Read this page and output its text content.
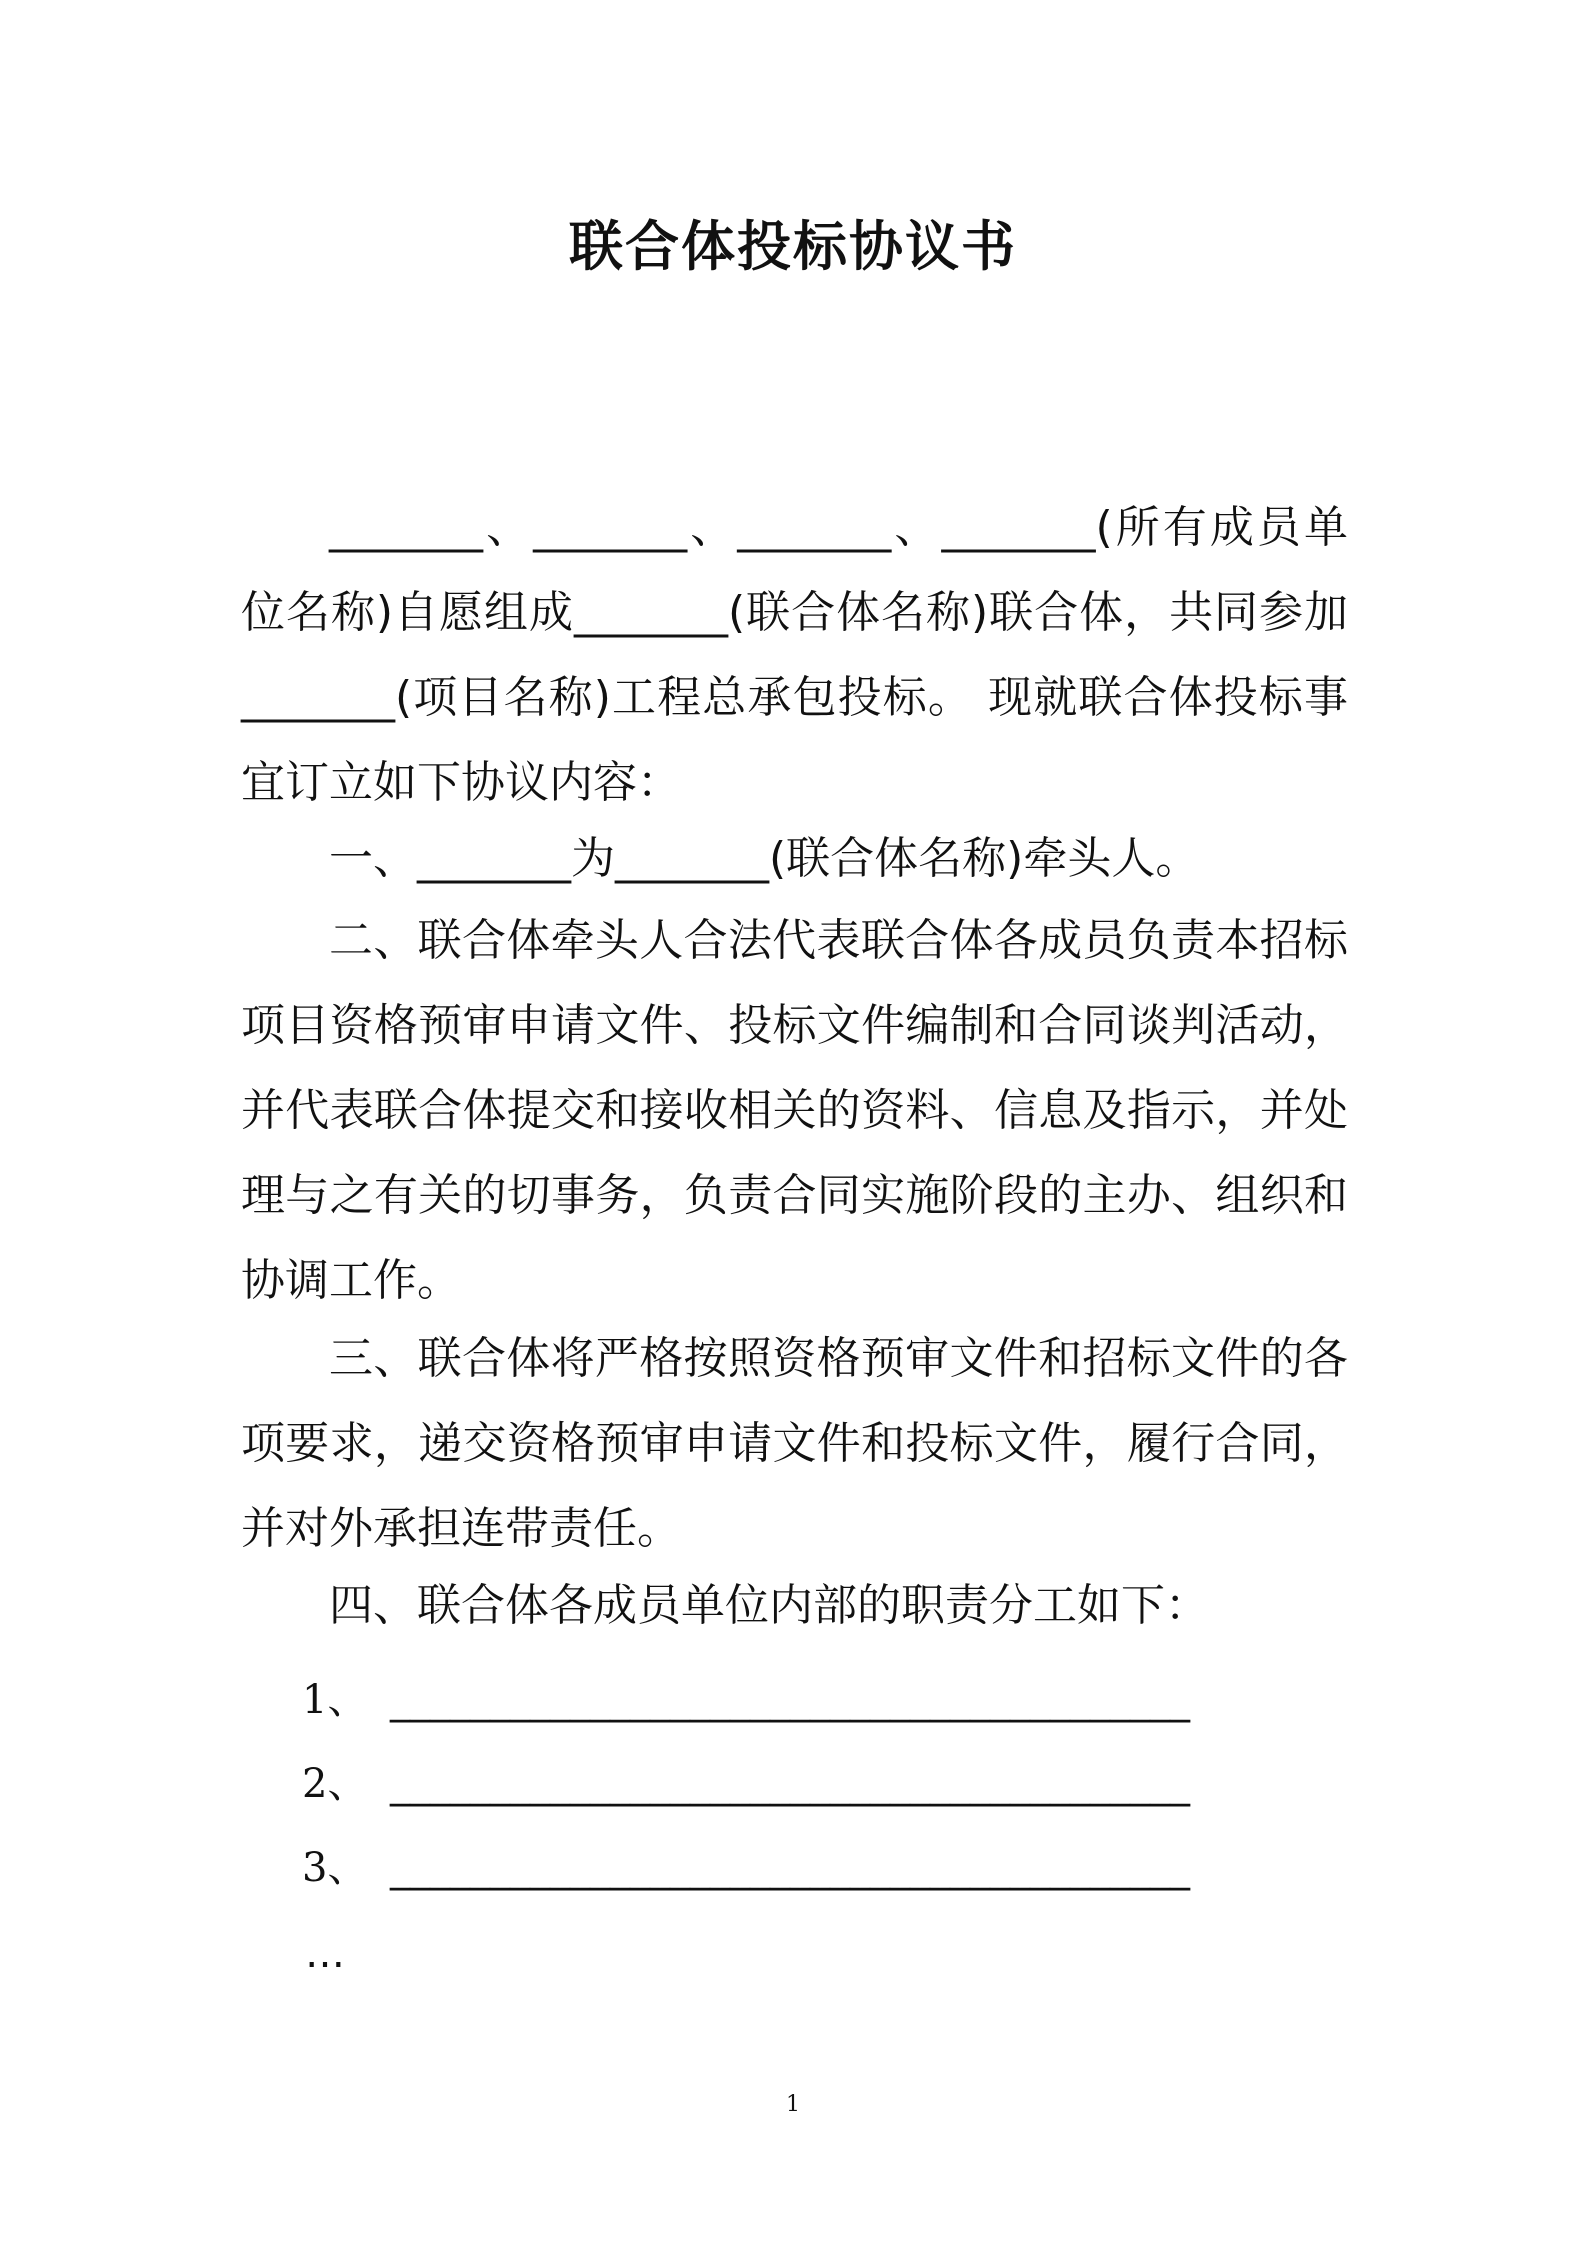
联合体投标协议书

_______、_______、_______、_______(所有成员单位名称)自愿组成_______(联合体名称)联合体，共同参加_______(项目名称)工程总承包投标。 现就联合体投标事宜订立如下协议内容：

一、_______为_______(联合体名称)牵头人。

二、联合体牵头人合法代表联合体各成员负责本招标项目资格预审申请文件、投标文件编制和合同谈判活动，并代表联合体提交和接收相关的资料、信息及指示，并处理与之有关的切事务，负责合同实施阶段的主办、组织和协调工作。

三、联合体将严格按照资格预审文件和招标文件的各项要求，递交资格预审申请文件和投标文件，履行合同，并对外承担连带责任。

四、联合体各成员单位内部的职责分工如下：

1、 ________________________________________
2、 ________________________________________
3、 ________________________________________
…
1
